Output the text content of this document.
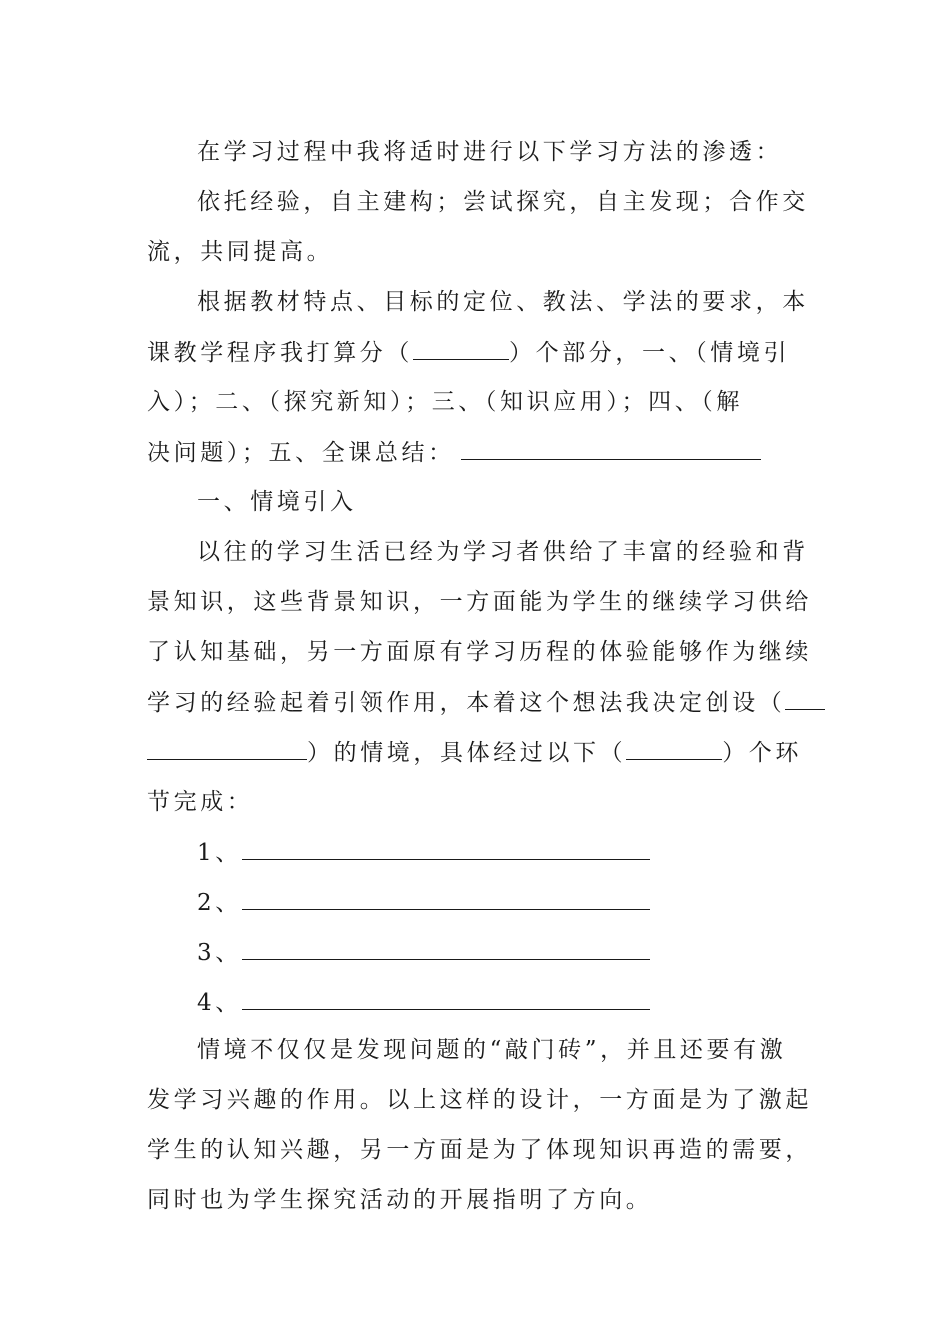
在学习过程中我将适时进行以下学习方法的渗透：
依托经验，自主建构；尝试探究，自主发现；合作交
流，共同提高。
根据教材特点、目标的定位、教法、学法的要求，本
课教学程序我打算分（	）个部分，一、（情境引
入）；二、（探究新知）；三、（知识应用）；四、（解
决问题）；五、全课总结：
一、情境引入
以往的学习生活已经为学习者供给了丰富的经验和背
景知识，这些背景知识，一方面能为学生的继续学习供给
了认知基础，另一方面原有学习历程的体验能够作为继续
学习的经验起着引领作用，本着这个想法我决定创设（
）的情境，具体经过以下（	）个环
节完成：
1、
2、
3、
4、
情境不仅仅是发现问题的“敲门砖”，并且还要有激
发学习兴趣的作用。以上这样的设计，一方面是为了激起
学生的认知兴趣，另一方面是为了体现知识再造的需要，
同时也为学生探究活动的开展指明了方向。
